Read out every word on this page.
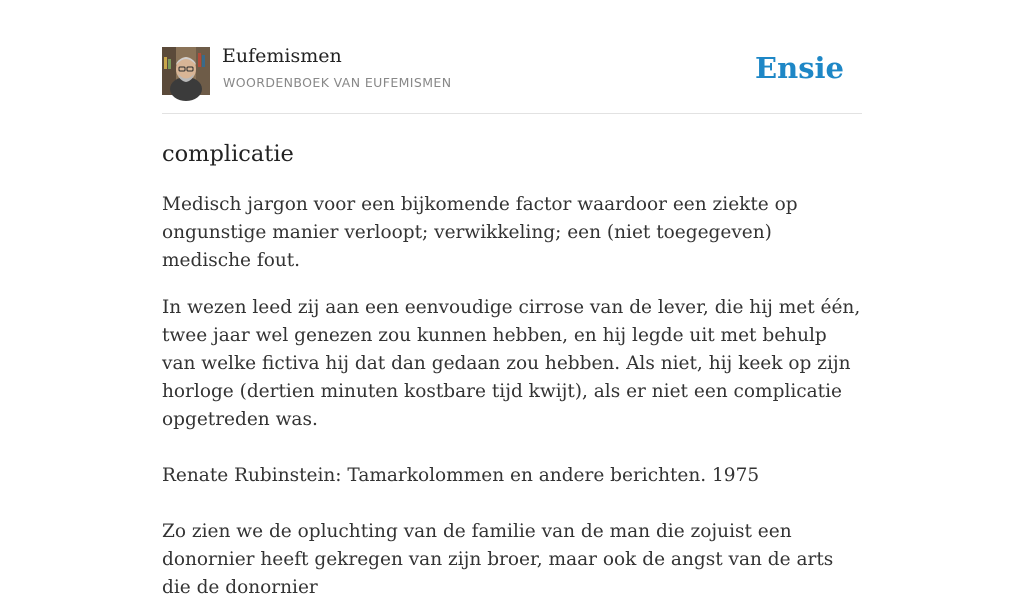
Eufemismen
WOORDENBOEK VAN EUFEMISMEN	Ensie
complicatie

Medisch jargon voor een bijkomende factor waardoor een ziekte op ongunstige manier verloopt; verwikkeling; een (niet toegegeven) medische fout.

In wezen leed zij aan een eenvoudige cirrose van de lever, die hij met één, twee jaar wel genezen zou kunnen hebben, en hij legde uit met behulp van welke fictiva hij dat dan gedaan zou hebben. Als niet, hij keek op zijn horloge (dertien minuten kostbare tijd kwijt), als er niet een complicatie opgetreden was.

Renate Rubinstein: Tamarkolommen en andere berichten. 1975

Zo zien we de opluchting van de familie van de man die zojuist een donornier heeft gekregen van zijn broer, maar ook de angst van de arts die de donornier
